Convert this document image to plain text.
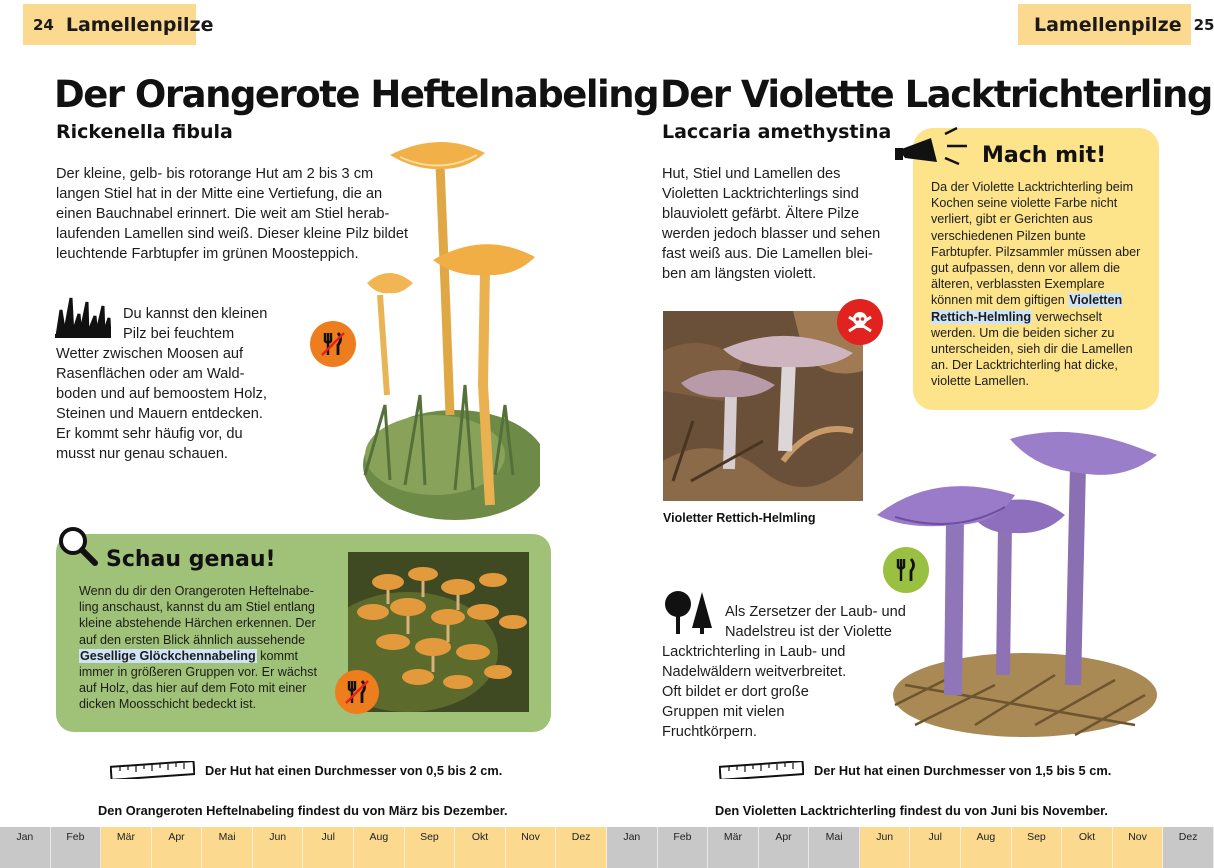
24 Lamellenpilze
Der Orangerote Heftelnabeling
Rickenella fibula
Der kleine, gelb- bis rotorange Hut am 2 bis 3 cm langen Stiel hat in der Mitte eine Vertiefung, die an einen Bauchnabel erinnert. Die weit am Stiel herab- laufenden Lamellen sind weiß. Dieser kleine Pilz bildet leuchtende Farbtupfer im grünen Moosteppich.
Du kannst den kleinen
Pilz bei feuchtem
Wetter zwischen Moosen auf Rasenflächen oder am Wald- boden und auf bemoostem Holz, Steinen und Mauern entdecken. Er kommt sehr häufig vor, du musst nur genau schauen.
Schau genau!
Wenn du dir den Orangeroten Heftelnabe- ling anschaust, kannst du am Stiel entlang kleine abstehende Härchen erkennen. Der auf den ersten Blick ähnlich aussehende Gesellige Glöckchennabeling kommt immer in größeren Gruppen vor. Er wächst auf Holz, das hier auf dem Foto mit einer dicken Moosschicht bedeckt ist.
Der Hut hat einen Durchmesser von 0,5 bis 2 cm.
Den Orangeroten Heftelnabeling findest du von März bis Dezember.
Jan	Feb	Mär	Apr	Mai	Jun	Jul	Aug	Sep	Okt	Nov	Dez
Lamellenpilze 25
Der Violette Lacktrichterling
Laccaria amethystina
Hut, Stiel und Lamellen des Violetten Lacktrichterlings sind blauviolett gefärbt. Ältere Pilze werden jedoch blasser und sehen fast weiß aus. Die Lamellen blei- ben am längsten violett.
Mach mit!
Da der Violette Lacktrichterling beim Kochen seine violette Farbe nicht verliert, gibt er Gerichten aus verschiedenen Pilzen bunte Farbtupfer. Pilzsammler müssen aber gut aufpassen, denn vor allem die älteren, verblassten Exemplare können mit dem giftigen Violetten Rettich-Helmling verwechselt werden. Um die beiden sicher zu unterscheiden, sieh dir die Lamellen an. Der Lacktrichterling hat dicke, violette Lamellen.
Violetter Rettich-Helmling
Als Zersetzer der Laub- und
Nadelstreu ist der Violette
Lacktrichterling in Laub- und Nadelwäldern weitverbreitet. Oft bildet er dort große Gruppen mit vielen Fruchtkörpern.
Der Hut hat einen Durchmesser von 1,5 bis 5 cm.
Den Violetten Lacktrichterling findest du von Juni bis November.
Jan	Feb	Mär	Apr	Mai	Jun	Jul	Aug	Sep	Okt	Nov	Dez
